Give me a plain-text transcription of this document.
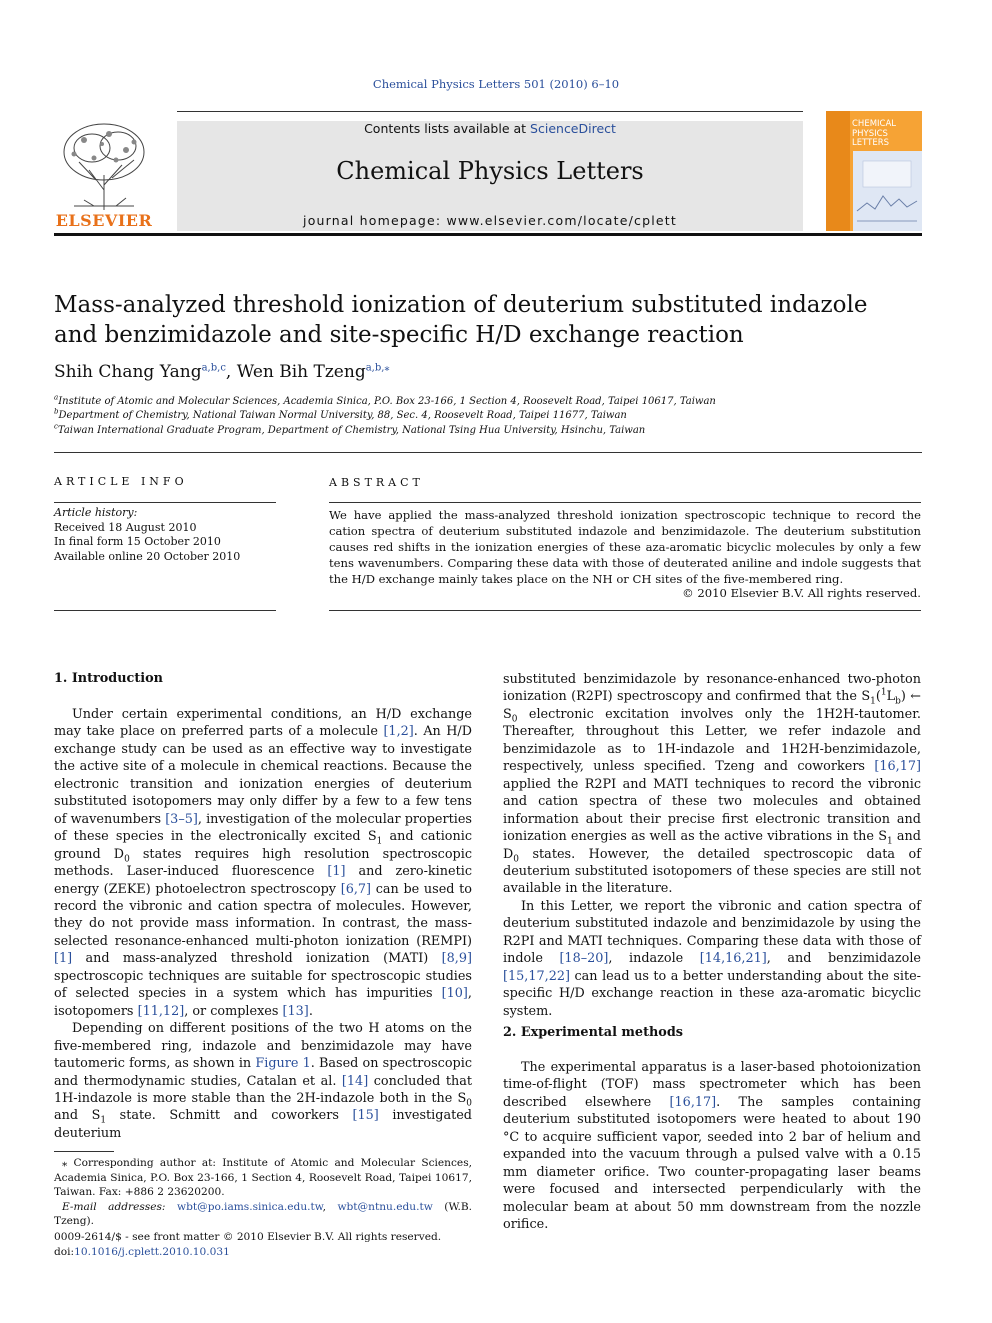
Chemical Physics Letters 501 (2010) 6–10
ELSEVIER
Contents lists available at ScienceDirect
Chemical Physics Letters
journal homepage: www.elsevier.com/locate/cplett
CHEMICAL
PHYSICS
LETTERS
Mass-analyzed threshold ionization of deuterium substituted indazole
and benzimidazole and site-specific H/D exchange reaction
Shih Chang Yang$^{a,b,c}$, Wen Bih Tzeng$^{a,b,⁎}$
$^a$Institute of Atomic and Molecular Sciences, Academia Sinica, P.O. Box 23-166, 1 Section 4, Roosevelt Road, Taipei 10617, Taiwan
$^b$Department of Chemistry, National Taiwan Normal University, 88, Sec. 4, Roosevelt Road, Taipei 11677, Taiwan
$^c$Taiwan International Graduate Program, Department of Chemistry, National Tsing Hua University, Hsinchu, Taiwan
ARTICLE INFO
Article history:
Received 18 August 2010
In final form 15 October 2010
Available online 20 October 2010
ABSTRACT
We have applied the mass-analyzed threshold ionization spectroscopic technique to record the cation spectra of deuterium substituted indazole and benzimidazole. The deuterium substitution causes red shifts in the ionization energies of these aza-aromatic bicyclic molecules by only a few tens wavenumbers. Comparing these data with those of deuterated aniline and indole suggests that the H/D exchange mainly takes place on the NH or CH sites of the five-membered ring.
© 2010 Elsevier B.V. All rights reserved.
1. Introduction

Under certain experimental conditions, an H/D exchange may take place on preferred parts of a molecule [1,2]. An H/D exchange study can be used as an effective way to investigate the active site of a molecule in chemical reactions. Because the electronic transition and ionization energies of deuterium substituted isotopomers may only differ by a few to a few tens of wavenumbers [3–5], investigation of the molecular properties of these species in the electronically excited $S_1$ and cationic ground $D_0$ states requires high resolution spectroscopic methods. Laser-induced fluorescence [1] and zero-kinetic energy (ZEKE) photoelectron spectroscopy [6,7] can be used to record the vibronic and cation spectra of molecules. However, they do not provide mass information. In contrast, the mass-selected resonance-enhanced multi-photon ionization (REMPI) [1] and mass-analyzed threshold ionization (MATI) [8,9] spectroscopic techniques are suitable for spectroscopic studies of selected species in a system which has impurities [10], isotopomers [11,12], or complexes [13].

Depending on different positions of the two H atoms on the five-membered ring, indazole and benzimidazole may have tautomeric forms, as shown in Figure 1. Based on spectroscopic and thermodynamic studies, Catalan et al. [14] concluded that 1H-indazole is more stable than the 2H-indazole both in the $S_0$ and $S_1$ state. Schmitt and coworkers [15] investigated deuterium

⁎ Corresponding author at: Institute of Atomic and Molecular Sciences, Academia Sinica, P.O. Box 23-166, 1 Section 4, Roosevelt Road, Taipei 10617, Taiwan. Fax: +886 2 23620200.
E-mail addresses: wbt@po.iams.sinica.edu.tw, wbt@ntnu.edu.tw (W.B. Tzeng).
0009-2614/$ - see front matter © 2010 Elsevier B.V. All rights reserved.
doi:10.1016/j.cplett.2010.10.031

substituted benzimidazole by resonance-enhanced two-photon ionization (R2PI) spectroscopy and confirmed that the $S_1(^1L_b)$ ← $S_0$ electronic excitation involves only the 1H2H-tautomer. Thereafter, throughout this Letter, we refer indazole and benzimidazole as to 1H-indazole and 1H2H-benzimidazole, respectively, unless specified. Tzeng and coworkers [16,17] applied the R2PI and MATI techniques to record the vibronic and cation spectra of these two molecules and obtained information about their precise first electronic transition and ionization energies as well as the active vibrations in the $S_1$ and $D_0$ states. However, the detailed spectroscopic data of deuterium substituted isotopomers of these species are still not available in the literature.

In this Letter, we report the vibronic and cation spectra of deuterium substituted indazole and benzimidazole by using the R2PI and MATI techniques. Comparing these data with those of indole [18–20], indazole [14,16,21], and benzimidazole [15,17,22] can lead us to a better understanding about the site-specific H/D exchange reaction in these aza-aromatic bicyclic system.

2. Experimental methods

The experimental apparatus is a laser-based photoionization time-of-flight (TOF) mass spectrometer which has been described elsewhere [16,17]. The samples containing deuterium substituted isotopomers were heated to about 190 °C to acquire sufficient vapor, seeded into 2 bar of helium and expanded into the vacuum through a pulsed valve with a 0.15 mm diameter orifice. Two counter-propagating laser beams were focused and intersected perpendicularly with the molecular beam at about 50 mm downstream from the nozzle orifice.
